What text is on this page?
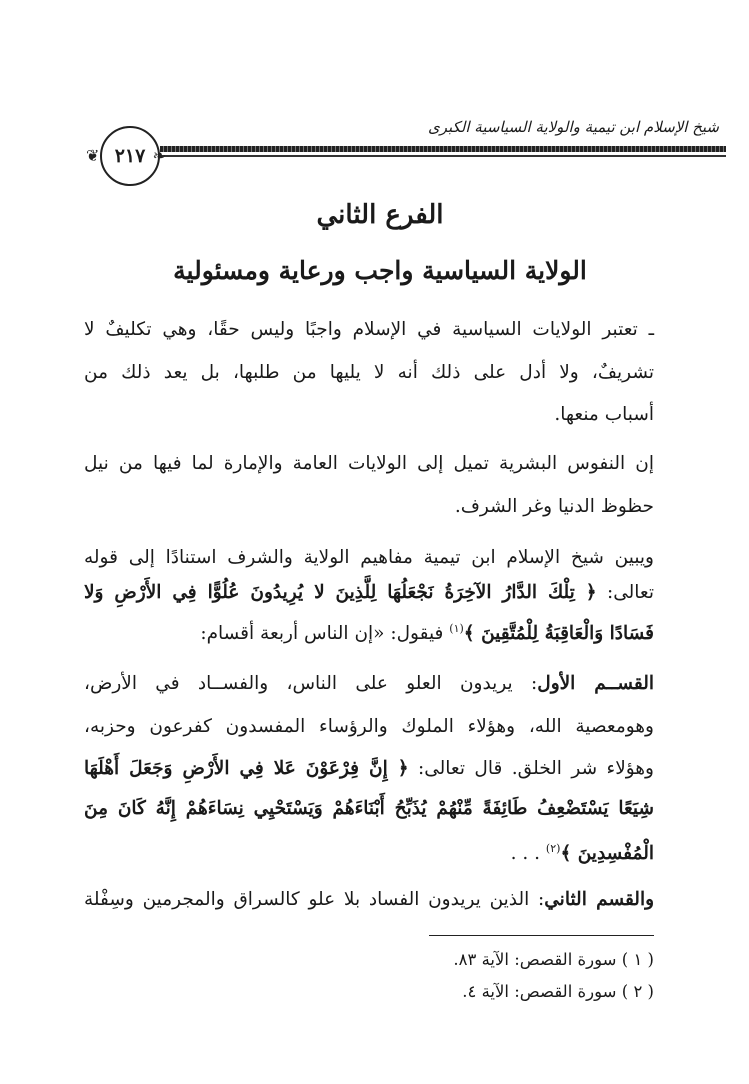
شيخ الإسلام ابن تيمية والولاية السياسية الكبرى
❦ ٢١٧ ❧
الفرع الثاني
الولاية السياسية واجب ورعاية ومسئولية
ـ تعتبر الولايات السياسية في الإسلام واجبًا وليس حقًا، وهي تكليفٌ لا
تشريفٌ، ولا أدل على ذلك أنه لا يليها من طلبها، بل يعد ذلك من
أسباب منعها.
إن النفوس البشرية تميل إلى الولايات العامة والإمارة لما فيها من نيل
حظوظ الدنيا وغر الشرف.
ويبين شيخ الإسلام ابن تيمية مفاهيم الولاية والشرف استنادًا إلى قوله
تعالى: ﴿ تِلْكَ الدَّارُ الآخِرَةُ نَجْعَلُهَا لِلَّذِينَ لا يُرِيدُونَ عُلُوًّا فِي الأَرْضِ وَلا
فَسَادًا وَالْعَاقِبَةُ لِلْمُتَّقِينَ ﴾$^{(١)}$ فيقول: «إن الناس أربعة أقسام:
القســم الأول: يريدون العلو على الناس، والفســاد في الأرض،
وهومعصية الله، وهؤلاء الملوك والرؤساء المفسدون كفرعون وحزبه،
وهؤلاء شر الخلق. قال تعالى: ﴿ إِنَّ فِرْعَوْنَ عَلا فِي الأَرْضِ وَجَعَلَ أَهْلَهَا
شِيَعًا يَسْتَضْعِفُ طَائِفَةً مِّنْهُمْ يُذَبِّحُ أَبْنَاءَهُمْ وَيَسْتَحْيِي نِسَاءَهُمْ إِنَّهُ كَانَ مِنَ
الْمُفْسِدِينَ ﴾$^{(٢)}$ . . .
والقسم الثاني: الذين يريدون الفساد بلا علو كالسراق والمجرمين وسِفْلة
( ١ ) سورة القصص: الآية ٨٣.
( ٢ ) سورة القصص: الآية ٤.
